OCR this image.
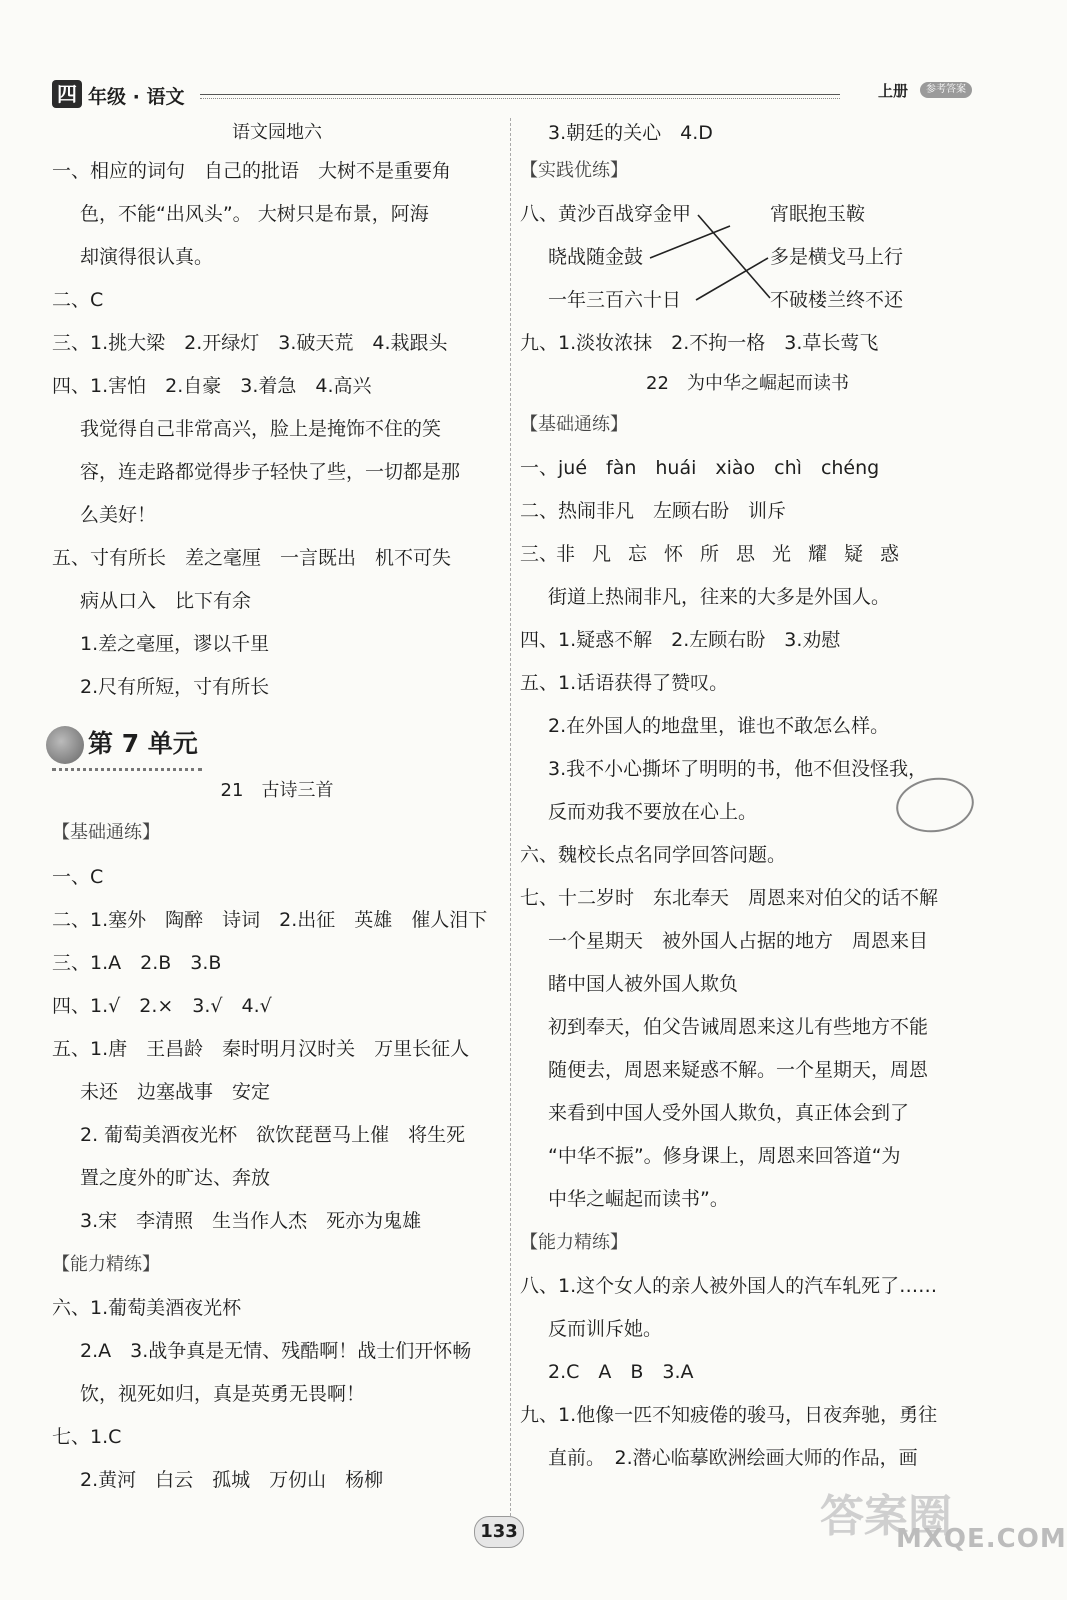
四 年级 · 语文	上册	参考答案
语文园地六
一、相应的词句　自己的批语　大树不是重要角
色，不能“出风头”。 大树只是布景，阿海
却演得很认真。
二、C
三、1.挑大梁　2.开绿灯　3.破天荒　4.栽跟头
四、1.害怕　2.自豪　3.着急　4.高兴
我觉得自己非常高兴，脸上是掩饰不住的笑
容，连走路都觉得步子轻快了些，一切都是那
么美好！
五、寸有所长　差之毫厘　一言既出　机不可失
病从口入　比下有余
1.差之毫厘，谬以千里
2.尺有所短，寸有所长
第 7 单元
21　古诗三首
【基础通练】
一、C
二、1.塞外　陶醉　诗词　2.出征　英雄　催人泪下
三、1.A　2.B　3.B
四、1.√　2.×　3.√　4.√
五、1.唐　王昌龄　秦时明月汉时关　万里长征人
未还　边塞战事　安定
2. 葡萄美酒夜光杯　欲饮琵琶马上催　将生死
置之度外的旷达、奔放
3.宋　李清照　生当作人杰　死亦为鬼雄
【能力精练】
六、1.葡萄美酒夜光杯
2.A　3.战争真是无情、残酷啊！战士们开怀畅
饮，视死如归，真是英勇无畏啊！
七、1.C
2.黄河　白云　孤城　万仞山　杨柳
3.朝廷的关心　4.D
【实践优练】
八、黄沙百战穿金甲
晓战随金鼓
一年三百六十日
宵眠抱玉鞍
多是横戈马上行
不破楼兰终不还
九、1.淡妆浓抹　2.不拘一格　3.草长莺飞
22　为中华之崛起而读书
【基础通练】
一、jué　fàn　huái　xiào　chì　chéng
二、热闹非凡　左顾右盼　训斥
三、
非凡忘怀所思光耀疑惑
街道上热闹非凡，往来的大多是外国人。
四、1.疑惑不解　2.左顾右盼　3.劝慰
五、1.话语获得了赞叹。
2.在外国人的地盘里，谁也不敢怎么样。
3.我不小心撕坏了明明的书，他不但没怪我，
反而劝我不要放在心上。
六、魏校长点名同学回答问题。
七、十二岁时　东北奉天　周恩来对伯父的话不解
一个星期天　被外国人占据的地方　周恩来目
睹中国人被外国人欺负
初到奉天，伯父告诫周恩来这儿有些地方不能
随便去，周恩来疑惑不解。一个星期天，周恩
来看到中国人受外国人欺负，真正体会到了
“中华不振”。修身课上，周恩来回答道“为
中华之崛起而读书”。
【能力精练】
八、1.这个女人的亲人被外国人的汽车轧死了……
反而训斥她。
2.C　A　B　3.A
九、1.他像一匹不知疲倦的骏马，日夜奔驰，勇往
直前。　2.潜心临摹欧洲绘画大师的作品，画
答案圈
MXQE.COM
133
